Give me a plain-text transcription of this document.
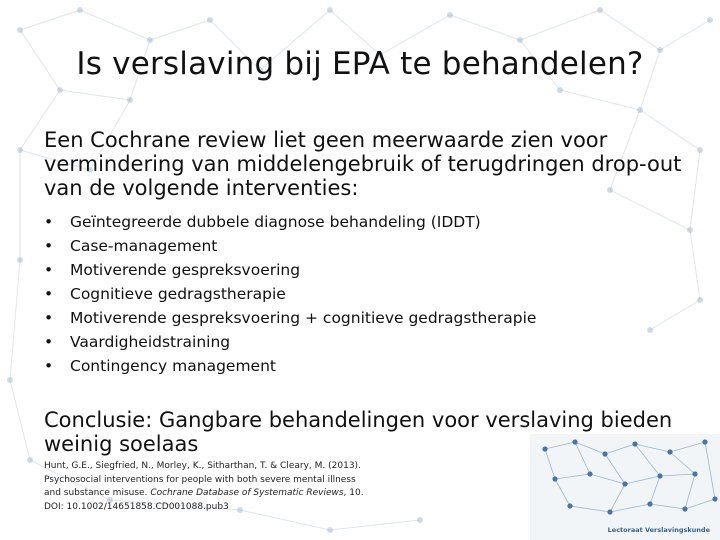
Is verslaving bij EPA te behandelen?
Een Cochrane review liet geen meerwaarde zien voor vermindering van middelengebruik of terugdringen drop-out van de volgende interventies:
•	Geïntegreerde dubbele diagnose behandeling (IDDT)
•	Case-management
•	Motiverende gespreksvoering
•	Cognitieve gedragstherapie
•	Motiverende gespreksvoering + cognitieve gedragstherapie
•	Vaardigheidstraining
•	Contingency management
Conclusie: Gangbare behandelingen voor verslaving bieden weinig soelaas
Hunt, G.E., Siegfried, N., Morley, K., Sitharthan, T. & Cleary, M. (2013). Psychosocial interventions for people with both severe mental illness and substance misuse. Cochrane Database of Systematic Reviews, 10. DOI: 10.1002/14651858.CD001088.pub3
Lectoraat Verslavingskunde
